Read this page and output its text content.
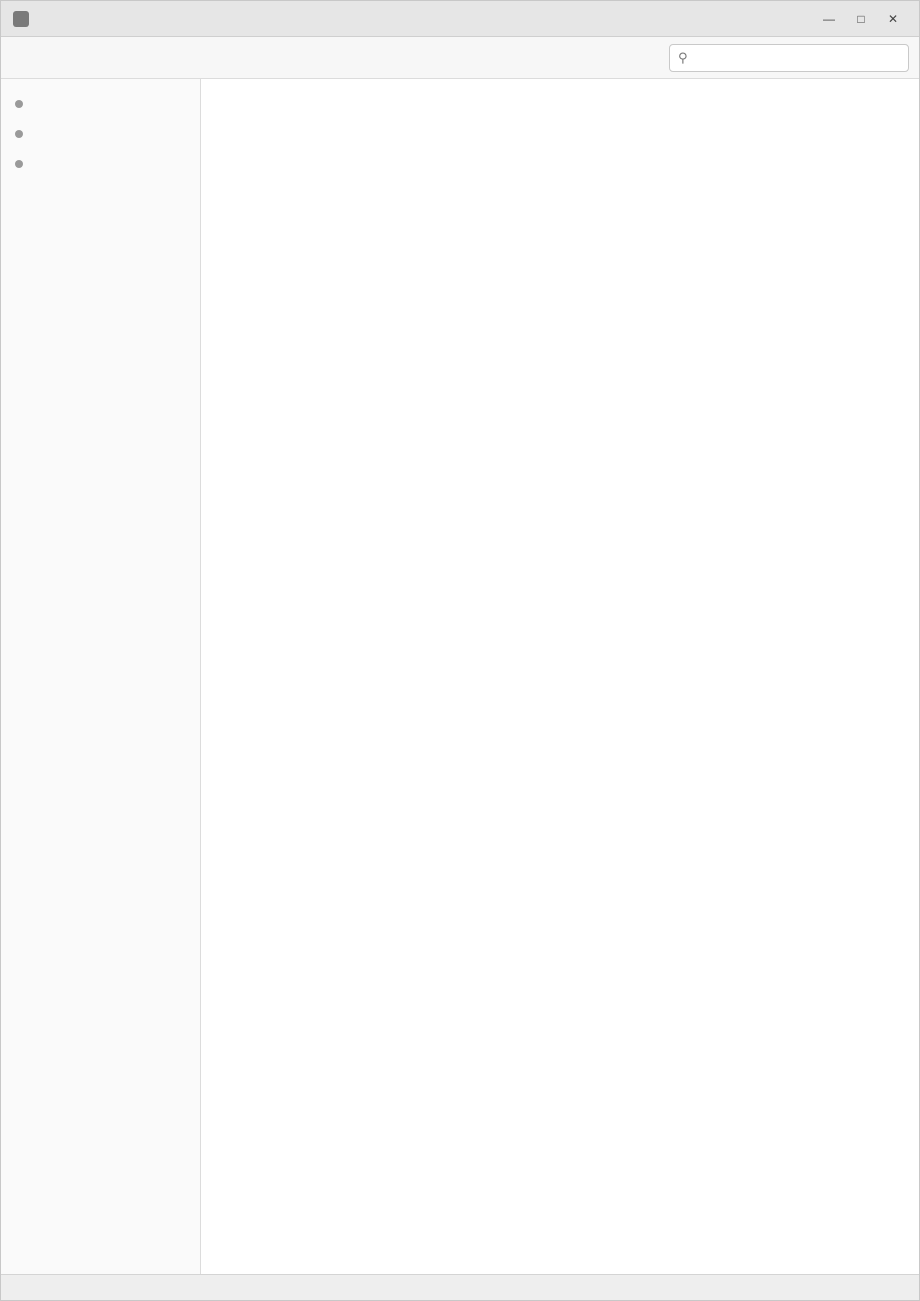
— □ ✕
⚲
